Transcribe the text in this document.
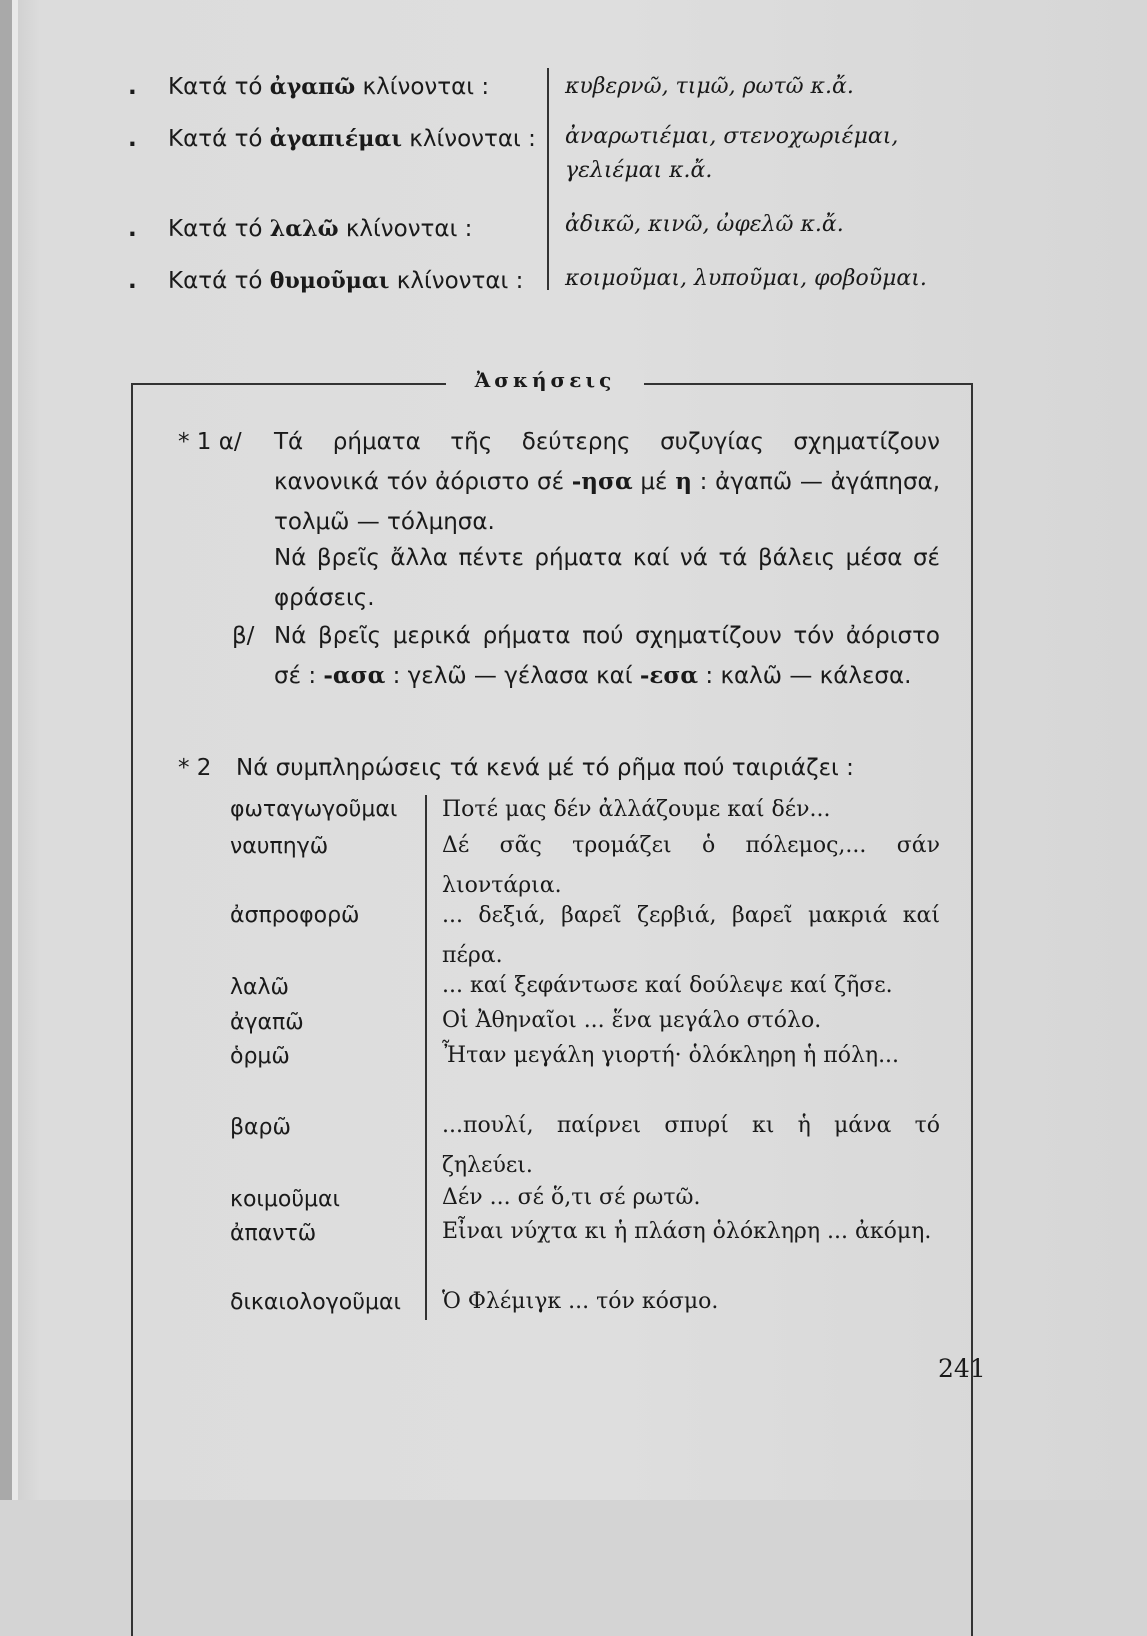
. Κατά τό ἀγαπῶ κλίνονται :	κυβερνῶ, τιμῶ, ρωτῶ κ.ἄ.
. Κατά τό ἀγαπιέμαι κλίνονται : ἀναρωτιέμαι, στενοχωριέμαι, γελιέμαι κ.ἄ.
. Κατά τό λαλῶ κλίνονται :	ἀδικῶ, κινῶ, ὠφελῶ κ.ἄ.
. Κατά τό θυμοῦμαι κλίνονται : κοιμοῦμαι, λυποῦμαι, φοβοῦμαι.
Ἀσκήσεις
* 1 α/ Τά ρήματα τῆς δεύτερης συζυγίας σχηματίζουν κανονικά τόν ἀόριστο σέ -ησα μέ η : ἀγαπῶ — ἀγάπησα, τολμῶ — τόλμησα.
Νά βρεῖς ἄλλα πέντε ρήματα καί νά τά βάλεις μέσα σέ φράσεις.
β/ Νά βρεῖς μερικά ρήματα πού σχηματίζουν τόν ἀόριστο σέ : -ασα : γελῶ — γέλασα καί -εσα : καλῶ — κάλεσα.
* 2 Νά συμπληρώσεις τά κενά μέ τό ρῆμα πού ταιριάζει :
φωταγωγοῦμαι
ναυπηγῶ
ἀσπροφορῶ
λαλῶ
ἀγαπῶ
ὁρμῶ
βαρῶ
κοιμοῦμαι
ἀπαντῶ
δικαιολογοῦμαι
Ποτέ μας δέν ἀλλάζουμε καί δέν...
Δέ σᾶς τρομάζει ὁ πόλεμος,... σάν λιοντάρια.
... δεξιά, βαρεῖ ζερβιά, βαρεῖ μακριά καί πέρα.
... καί ξεφάντωσε καί δούλεψε καί ζῆσε.
Οἱ Ἀθηναῖοι ... ἕνα μεγάλο στόλο.
Ἦταν μεγάλη γιορτή· ὁλόκληρη ἡ πόλη...
...πουλί, παίρνει σπυρί κι ἡ μάνα τό ζηλεύει.
Δέν ... σέ ὅ,τι σέ ρωτῶ.
Εἶναι νύχτα κι ἡ πλάση ὁλόκληρη ... ἀκόμη.
Ὁ Φλέμιγκ ... τόν κόσμο.
241
